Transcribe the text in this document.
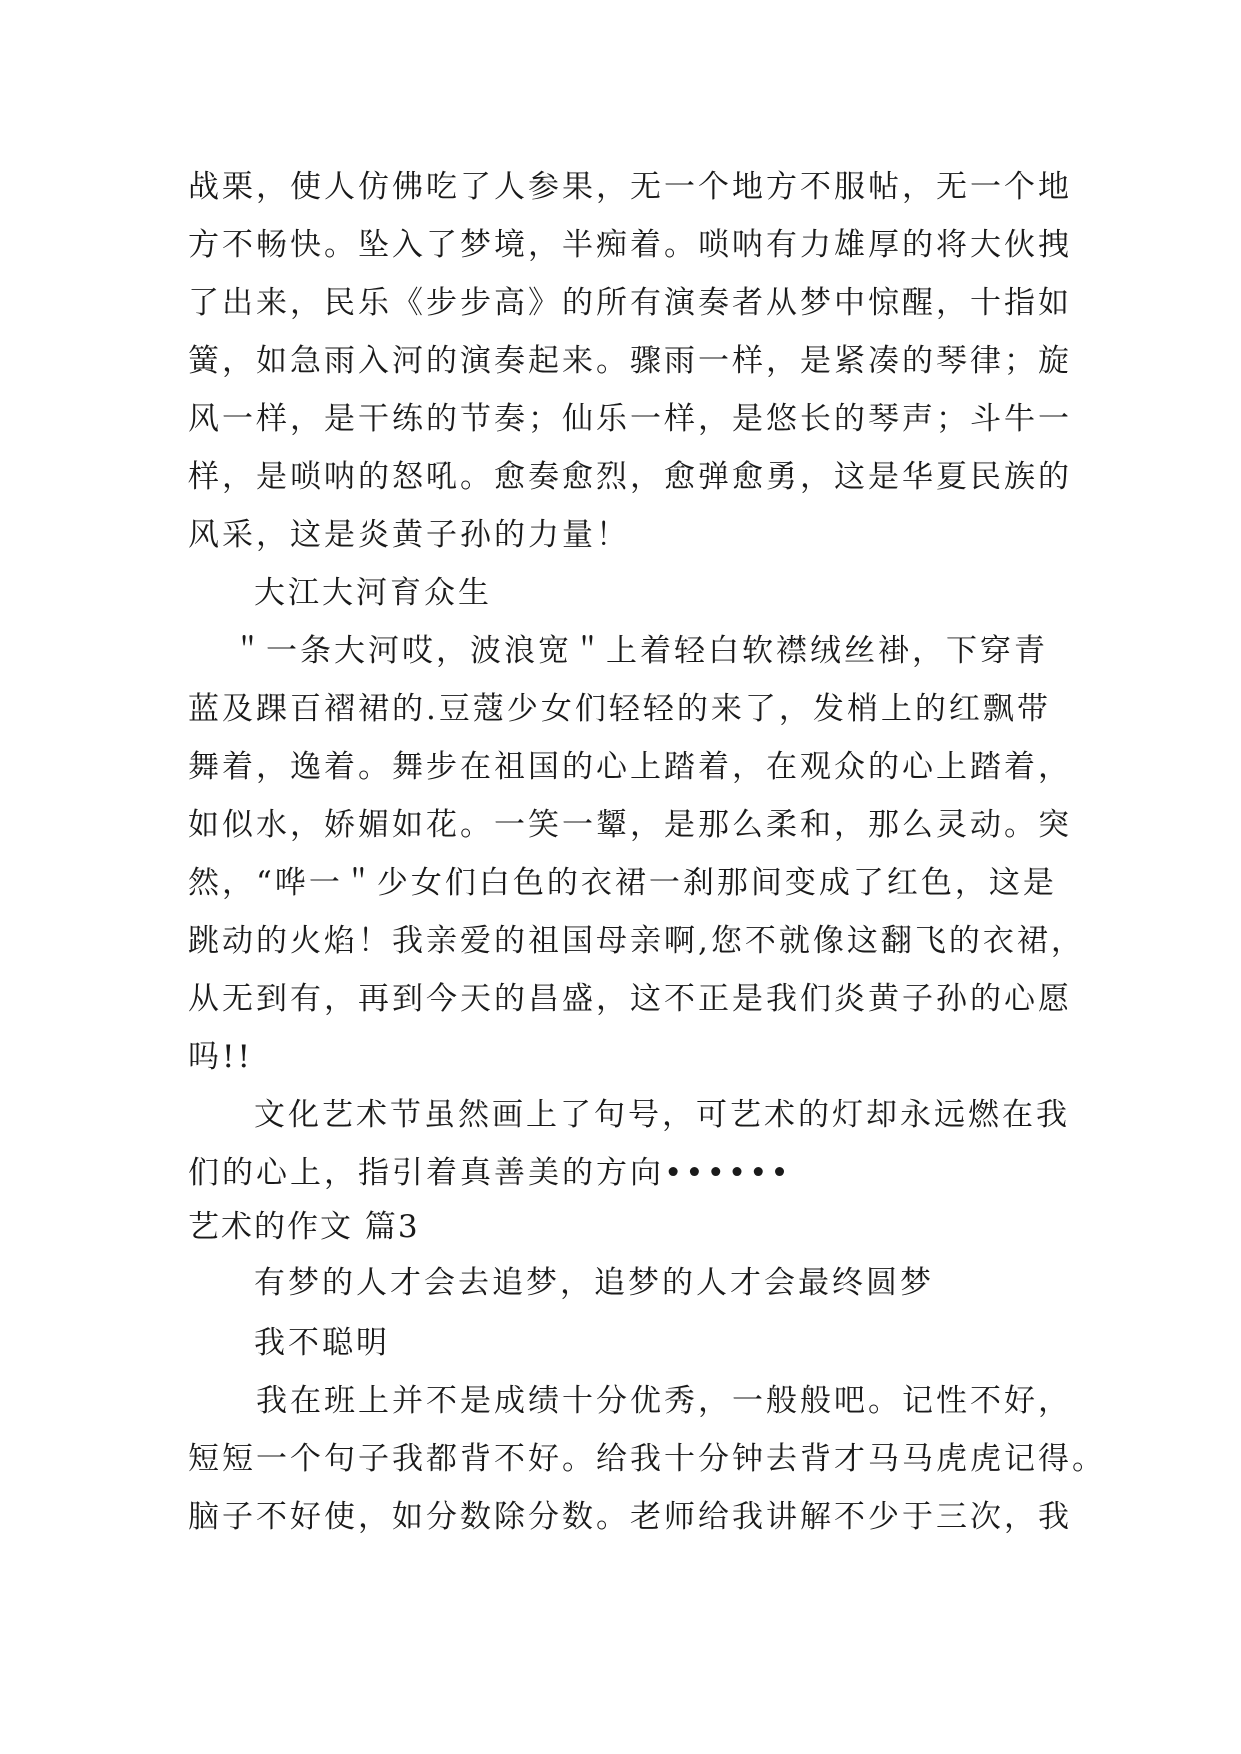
战栗，使人仿佛吃了人参果，无一个地方不服帖，无一个地
方不畅快。坠入了梦境，半痴着。唢呐有力雄厚的将大伙拽
了出来，民乐《步步高》的所有演奏者从梦中惊醒，十指如
簧，如急雨入河的演奏起来。骤雨一样，是紧凑的琴律；旋
风一样，是干练的节奏；仙乐一样，是悠长的琴声；斗牛一
样，是唢呐的怒吼。愈奏愈烈，愈弹愈勇，这是华夏民族的
风采，这是炎黄子孙的力量！
大江大河育众生
＂一条大河哎，波浪宽＂上着轻白软襟绒丝褂，下穿青
蓝及踝百褶裙的.豆蔻少女们轻轻的来了，发梢上的红飘带
舞着，逸着。舞步在祖国的心上踏着，在观众的心上踏着，
如似水，娇媚如花。一笑一颦，是那么柔和，那么灵动。突
然，“哗一＂少女们白色的衣裙一刹那间变成了红色，这是
跳动的火焰！我亲爱的祖国母亲啊,您不就像这翻飞的衣裙，
从无到有，再到今天的昌盛，这不正是我们炎黄子孙的心愿
吗!!
文化艺术节虽然画上了句号，可艺术的灯却永远燃在我
们的心上，指引着真善美的方向••••••
艺术的作文 篇3
有梦的人才会去追梦，追梦的人才会最终圆梦
我不聪明
我在班上并不是成绩十分优秀，一般般吧。记性不好，
短短一个句子我都背不好。给我十分钟去背才马马虎虎记得。
脑子不好使，如分数除分数。老师给我讲解不少于三次，我
